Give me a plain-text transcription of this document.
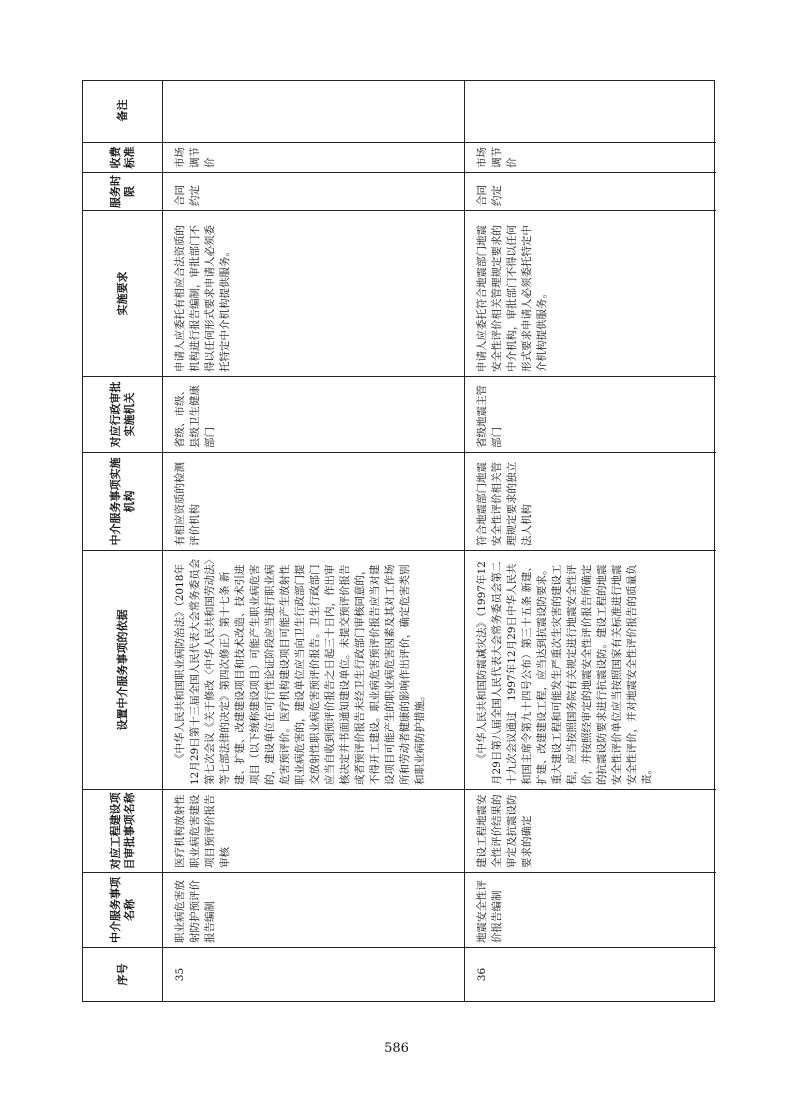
序号
中介服务事项名称
对应工程建设项目审批事项名称
设置中介服务事项的依据
中介服务事项实施机构
对应行政审批实施机关
实施要求
服务时限
收费标准
备注
35
职业病危害放射防护预评价报告编制
医疗机构放射性职业病危害建设项目预评价报告审核
《中华人民共和国职业病防治法》（2018年12月29日第十三届全国人民代表大会常务委员会第七次会议《关于修改〈中华人民共和国劳动法〉等七部法律的决定》第四次修正）第十七条 新建、扩建、改建建设项目和技术改造、技术引进项目（以下统称建设项目）可能产生职业病危害的，建设单位在可行性论证阶段应当进行职业病危害预评价。医疗机构建设项目可能产生放射性职业病危害的，建设单位应当向卫生行政部门提交放射性职业病危害预评价报告。卫生行政部门应当自收到预评价报告之日起三十日内，作出审核决定并书面通知建设单位。未提交预评价报告或者预评价报告未经卫生行政部门审核同意的，不得开工建设。职业病危害预评价报告应当对建设项目可能产生的职业病危害因素及其对工作场所和劳动者健康的影响作出评价，确定危害类别和职业病防护措施。
有相应资质的检测评价机构
省级、市级、县级卫生健康部门
申请人应委托有相应合法资质的机构进行报告编制，审批部门不得以任何形式要求申请人必须委托特定中介机构提供服务。
合同约定
市场调节价
36
地震安全性评价报告编制
建设工程地震安全性评价结果的审定及抗震设防要求的确定
《中华人民共和国防震减灾法》（1997年12月29日第八届全国人民代表大会常务委员会第二十九次会议通过　1997年12月29日中华人民共和国主席令第九十四号公布）第三十五条 新建、扩建、改建建设工程，应当达到抗震设防要求。重大建设工程和可能发生严重次生灾害的建设工程，应当按照国务院有关规定进行地震安全性评价，并按照经审定的地震安全性评价报告所确定的抗震设防要求进行抗震设防。建设工程的地震安全性评价单位应当按照国家有关标准进行地震安全性评价，并对地震安全性评价报告的质量负责。
符合地震部门地震安全性评价相关管理规定要求的独立法人机构
省级地震主管部门
申请人应委托符合地震部门地震安全性评价相关管理规定要求的中介机构，审批部门不得以任何形式要求申请人必须委托特定中介机构提供服务。
合同约定
市场调节价
586
